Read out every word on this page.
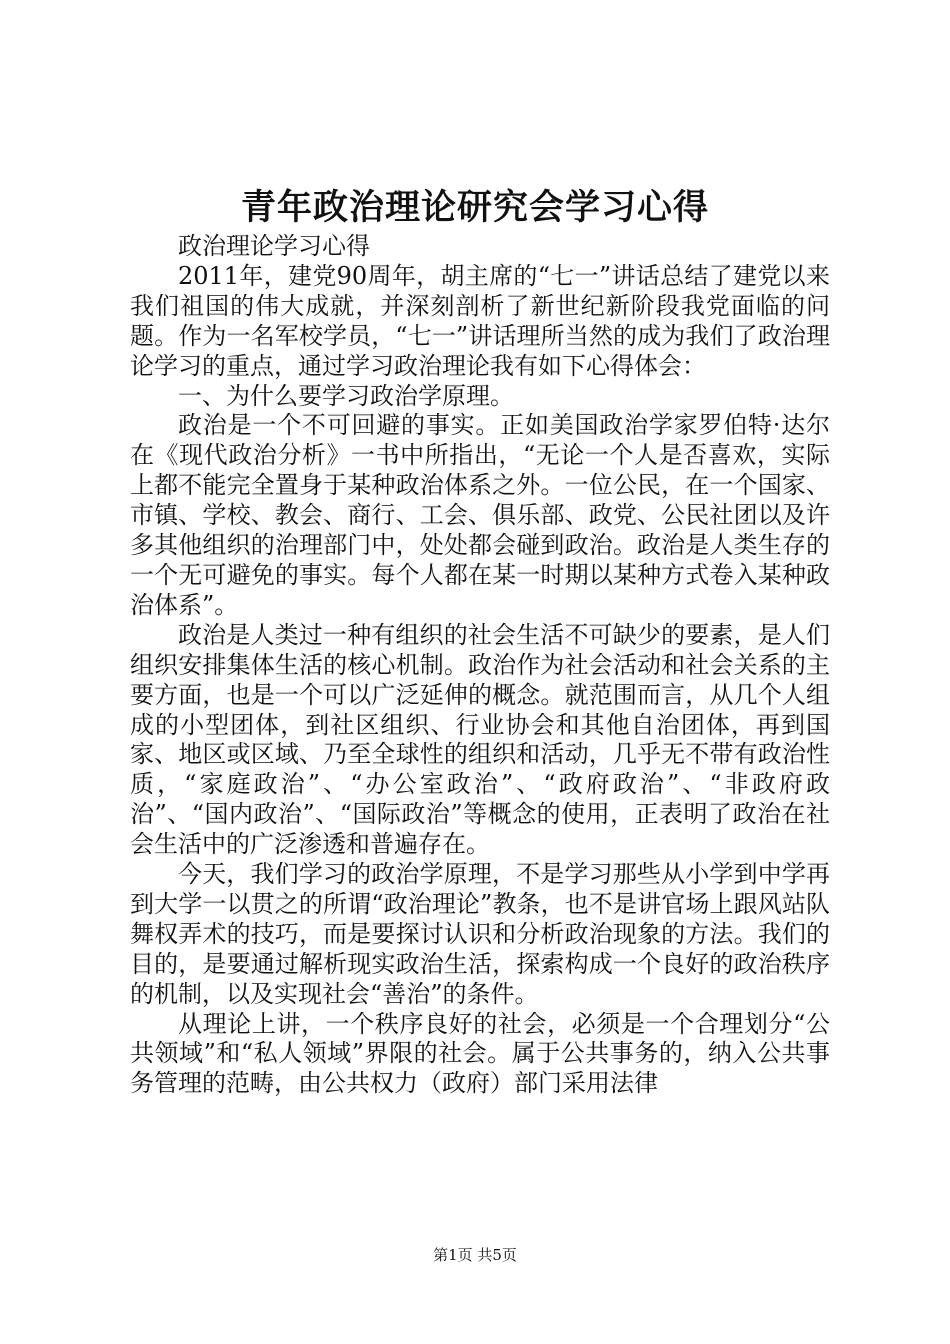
青年政治理论研究会学习心得

政治理论学习心得

2011年，建党90周年，胡主席的“七一”讲话总结了建党以来我们祖国的伟大成就，并深刻剖析了新世纪新阶段我党面临的问题。作为一名军校学员，“七一”讲话理所当然的成为我们了政治理论学习的重点，通过学习政治理论我有如下心得体会：

一、为什么要学习政治学原理。

政治是一个不可回避的事实。正如美国政治学家罗伯特·达尔在《现代政治分析》一书中所指出，“无论一个人是否喜欢，实际上都不能完全置身于某种政治体系之外。一位公民，在一个国家、市镇、学校、教会、商行、工会、俱乐部、政党、公民社团以及许多其他组织的治理部门中，处处都会碰到政治。政治是人类生存的一个无可避免的事实。每个人都在某一时期以某种方式卷入某种政治体系”。

政治是人类过一种有组织的社会生活不可缺少的要素，是人们组织安排集体生活的核心机制。政治作为社会活动和社会关系的主要方面，也是一个可以广泛延伸的概念。就范围而言，从几个人组成的小型团体，到社区组织、行业协会和其他自治团体，再到国家、地区或区域、乃至全球性的组织和活动，几乎无不带有政治性质，“家庭政治”、“办公室政治”、“政府政治”、“非政府政治”、“国内政治”、“国际政治”等概念的使用，正表明了政治在社会生活中的广泛渗透和普遍存在。

今天，我们学习的政治学原理，不是学习那些从小学到中学再到大学一以贯之的所谓“政治理论”教条，也不是讲官场上跟风站队舞权弄术的技巧，而是要探讨认识和分析政治现象的方法。我们的目的，是要通过解析现实政治生活，探索构成一个良好的政治秩序的机制，以及实现社会“善治”的条件。

从理论上讲，一个秩序良好的社会，必须是一个合理划分“公共领域”和“私人领域”界限的社会。属于公共事务的，纳入公共事务管理的范畴，由公共权力（政府）部门采用法律

第1页 共5页
